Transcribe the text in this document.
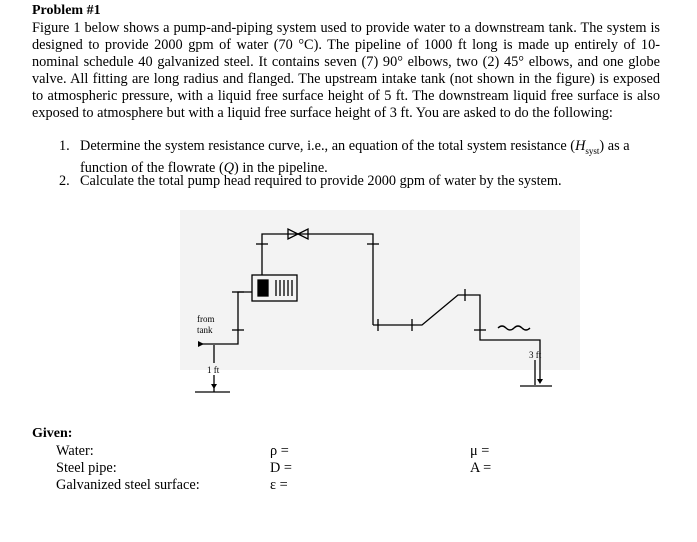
Problem #1

Figure 1 below shows a pump-and-piping system used to provide water to a downstream tank. The system is designed to provide 2000 gpm of water (70 °C). The pipeline of 1000 ft long is made up entirely of 10-nominal schedule 40 galvanized steel. It contains seven (7) 90° elbows, two (2) 45° elbows, and one globe valve. All fitting are long radius and flanged. The upstream intake tank (not shown in the figure) is exposed to atmospheric pressure, with a liquid free surface height of 5 ft. The downstream liquid free surface is also exposed to atmosphere but with a liquid free surface height of 3 ft. You are asked to do the following:

1. Determine the system resistance curve, i.e., an equation of the total system resistance $(H_{syst})$ as a
function of the flowrate (Q) in the pipeline.
2. Calculate the total pump head required to provide 2000 gpm of water by the system.
from
tank
1 ft
3 ft
Given:
Water:	ρ =	μ =
Steel pipe:	D =	A =
Galvanized steel surface:	ε =
